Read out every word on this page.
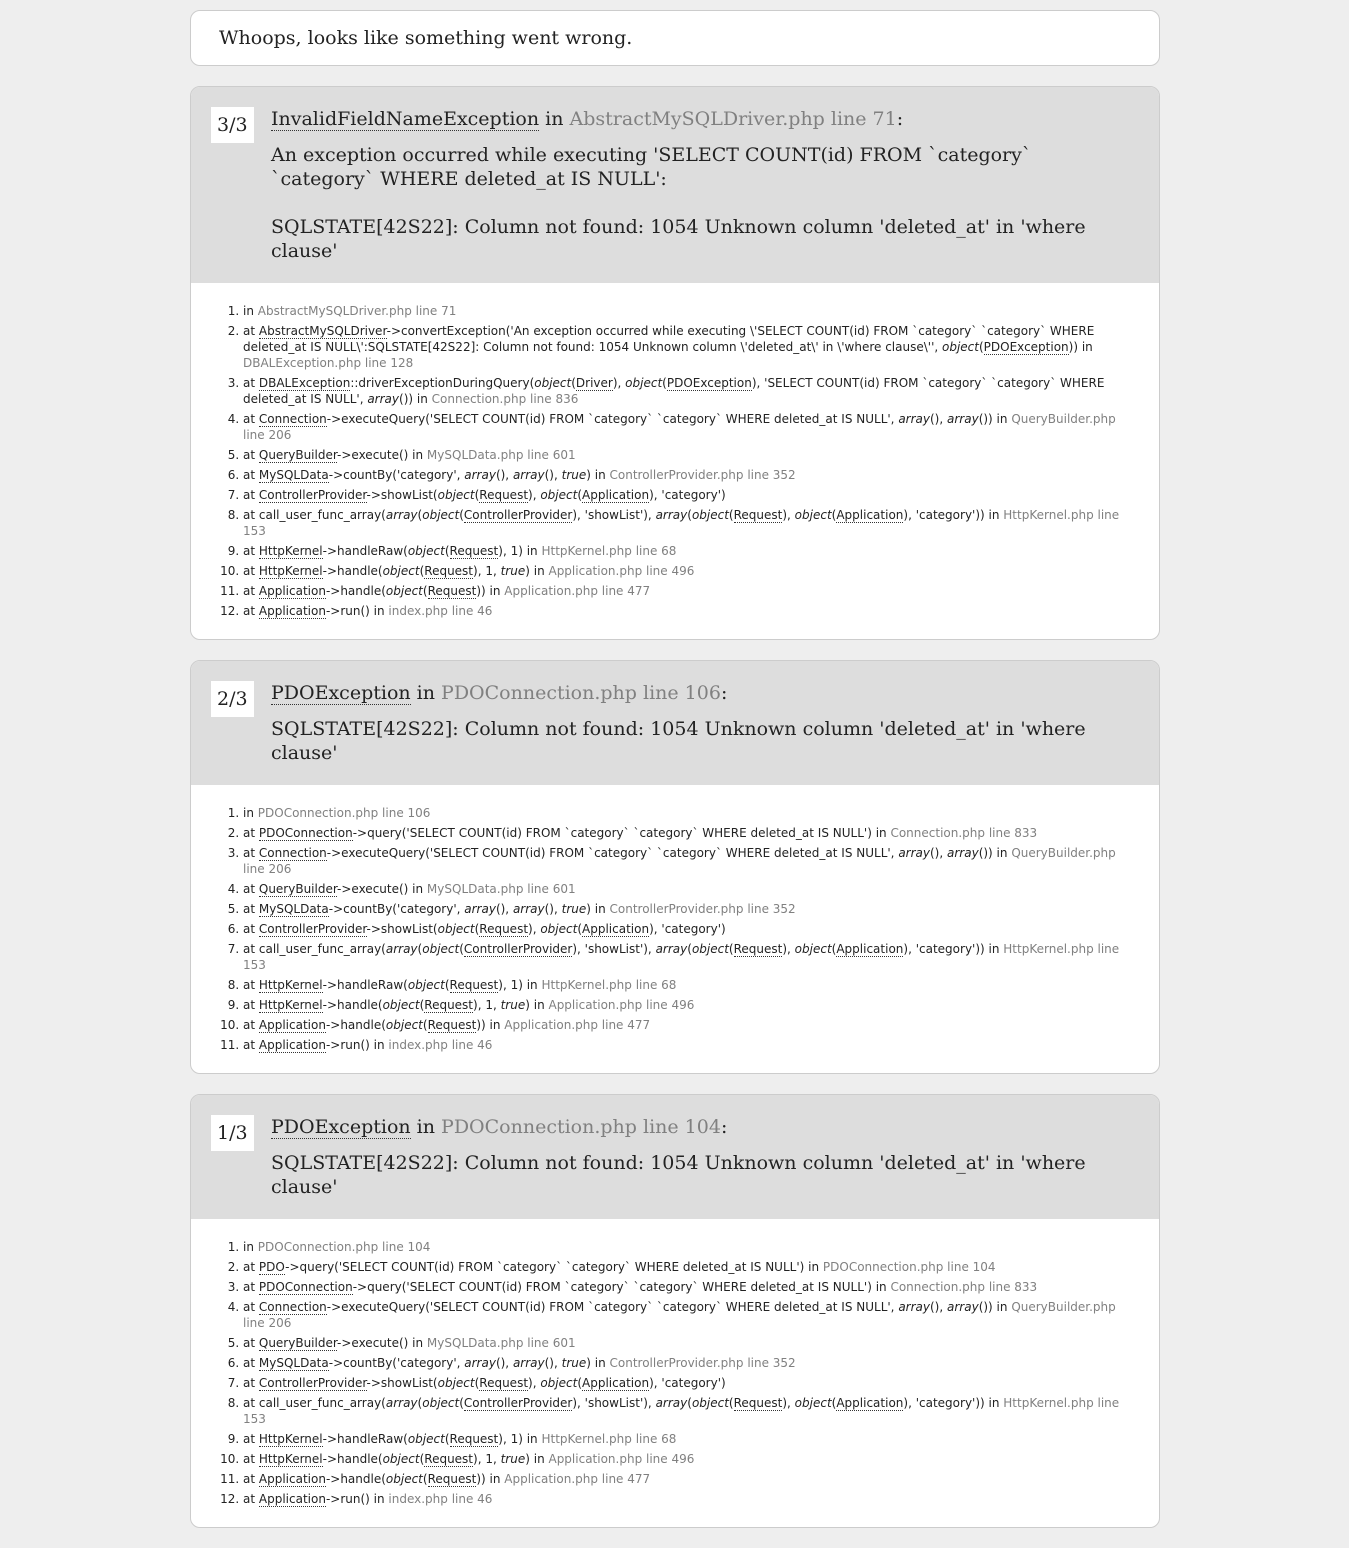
Whoops, looks like something went wrong.
3/3	InvalidFieldNameException in AbstractMySQLDriver.php line 71:
An exception occurred while executing 'SELECT COUNT(id) FROM `category` `category` WHERE deleted_at IS NULL':

SQLSTATE[42S22]: Column not found: 1054 Unknown column 'deleted_at' in 'where clause'
1. in AbstractMySQLDriver.php line 71
2. at AbstractMySQLDriver->convertException('An exception occurred while executing \'SELECT COUNT(id) FROM `category` `category` WHERE deleted_at IS NULL\':SQLSTATE[42S22]: Column not found: 1054 Unknown column \'deleted_at\' in \'where clause\'', object(PDOException)) in DBALException.php line 128
3. at DBALException::driverExceptionDuringQuery(object(Driver), object(PDOException), 'SELECT COUNT(id) FROM `category` `category` WHERE deleted_at IS NULL', array()) in Connection.php line 836
4. at Connection->executeQuery('SELECT COUNT(id) FROM `category` `category` WHERE deleted_at IS NULL', array(), array()) in QueryBuilder.php line 206
5. at QueryBuilder->execute() in MySQLData.php line 601
6. at MySQLData->countBy('category', array(), array(), true) in ControllerProvider.php line 352
7. at ControllerProvider->showList(object(Request), object(Application), 'category')
8. at call_user_func_array(array(object(ControllerProvider), 'showList'), array(object(Request), object(Application), 'category')) in HttpKernel.php line 153
9. at HttpKernel->handleRaw(object(Request), 1) in HttpKernel.php line 68
10. at HttpKernel->handle(object(Request), 1, true) in Application.php line 496
11. at Application->handle(object(Request)) in Application.php line 477
12. at Application->run() in index.php line 46
2/3	PDOException in PDOConnection.php line 106:
SQLSTATE[42S22]: Column not found: 1054 Unknown column 'deleted_at' in 'where clause'
1. in PDOConnection.php line 106
2. at PDOConnection->query('SELECT COUNT(id) FROM `category` `category` WHERE deleted_at IS NULL') in Connection.php line 833
3. at Connection->executeQuery('SELECT COUNT(id) FROM `category` `category` WHERE deleted_at IS NULL', array(), array()) in QueryBuilder.php line 206
4. at QueryBuilder->execute() in MySQLData.php line 601
5. at MySQLData->countBy('category', array(), array(), true) in ControllerProvider.php line 352
6. at ControllerProvider->showList(object(Request), object(Application), 'category')
7. at call_user_func_array(array(object(ControllerProvider), 'showList'), array(object(Request), object(Application), 'category')) in HttpKernel.php line 153
8. at HttpKernel->handleRaw(object(Request), 1) in HttpKernel.php line 68
9. at HttpKernel->handle(object(Request), 1, true) in Application.php line 496
10. at Application->handle(object(Request)) in Application.php line 477
11. at Application->run() in index.php line 46
1/3	PDOException in PDOConnection.php line 104:
SQLSTATE[42S22]: Column not found: 1054 Unknown column 'deleted_at' in 'where clause'
1. in PDOConnection.php line 104
2. at PDO->query('SELECT COUNT(id) FROM `category` `category` WHERE deleted_at IS NULL') in PDOConnection.php line 104
3. at PDOConnection->query('SELECT COUNT(id) FROM `category` `category` WHERE deleted_at IS NULL') in Connection.php line 833
4. at Connection->executeQuery('SELECT COUNT(id) FROM `category` `category` WHERE deleted_at IS NULL', array(), array()) in QueryBuilder.php line 206
5. at QueryBuilder->execute() in MySQLData.php line 601
6. at MySQLData->countBy('category', array(), array(), true) in ControllerProvider.php line 352
7. at ControllerProvider->showList(object(Request), object(Application), 'category')
8. at call_user_func_array(array(object(ControllerProvider), 'showList'), array(object(Request), object(Application), 'category')) in HttpKernel.php line 153
9. at HttpKernel->handleRaw(object(Request), 1) in HttpKernel.php line 68
10. at HttpKernel->handle(object(Request), 1, true) in Application.php line 496
11. at Application->handle(object(Request)) in Application.php line 477
12. at Application->run() in index.php line 46
